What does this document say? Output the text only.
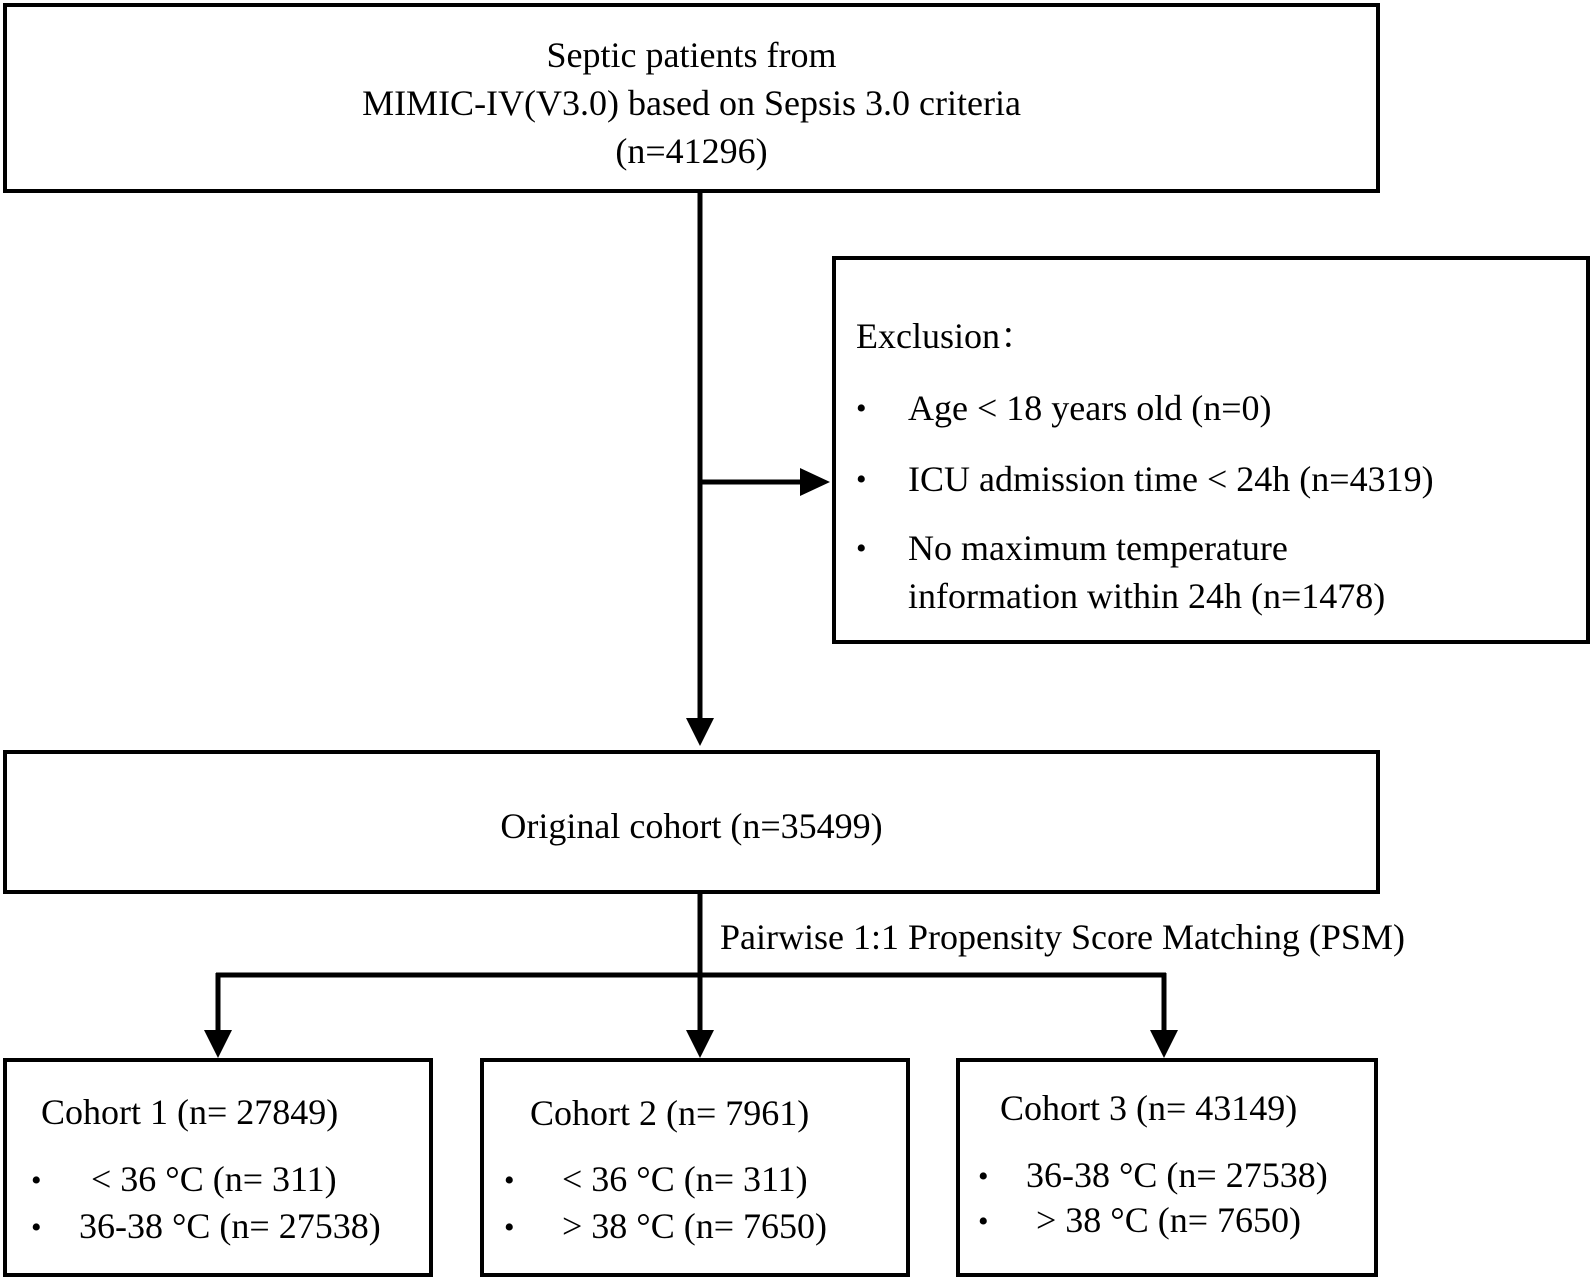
Septic patients from
MIMIC-IV(V3.0) based on Sepsis 3.0 criteria
(n=41296)
Exclusion：
• Age < 18 years old (n=0)
• ICU admission time < 24h (n=4319)
• No maximum temperature
information within 24h (n=1478)
Original cohort (n=35499)
Pairwise 1:1 Propensity Score Matching (PSM)
Cohort 1 (n= 27849)
• < 36 °C (n= 311)
• 36-38 °C (n= 27538)
Cohort 2 (n= 7961)
• < 36 °C (n= 311)
• > 38 °C (n= 7650)
Cohort 3 (n= 43149)
• 36-38 °C (n= 27538)
• > 38 °C (n= 7650)
